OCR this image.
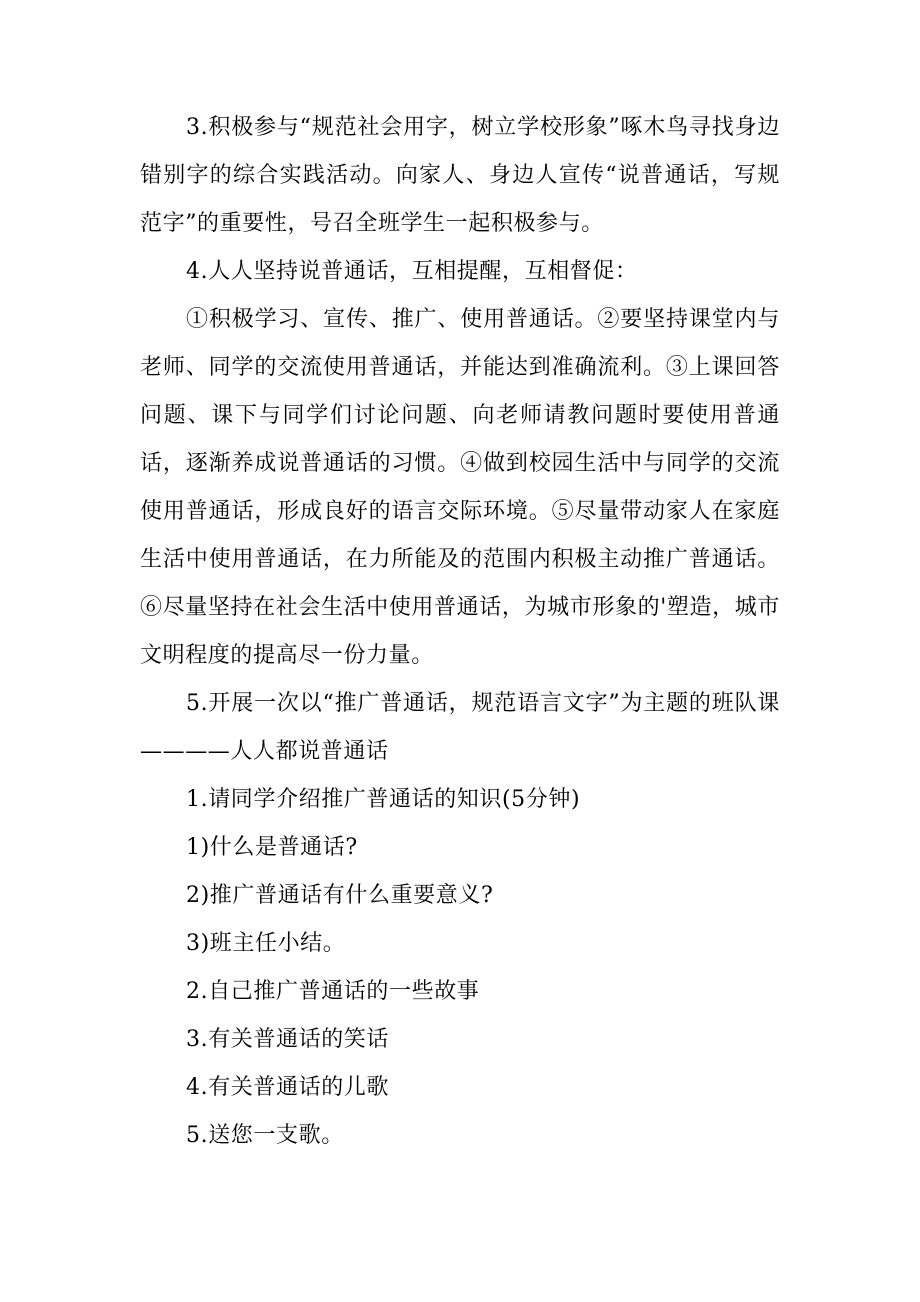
3.积极参与“规范社会用字，树立学校形象”啄木鸟寻找身边错别字的综合实践活动。向家人、身边人宣传“说普通话，写规范字”的重要性，号召全班学生一起积极参与。

4.人人坚持说普通话，互相提醒，互相督促：

①积极学习、宣传、推广、使用普通话。②要坚持课堂内与老师、同学的交流使用普通话，并能达到准确流利。③上课回答问题、课下与同学们讨论问题、向老师请教问题时要使用普通话，逐渐养成说普通话的习惯。④做到校园生活中与同学的交流使用普通话，形成良好的语言交际环境。⑤尽量带动家人在家庭生活中使用普通话，在力所能及的范围内积极主动推广普通话。⑥尽量坚持在社会生活中使用普通话，为城市形象的'塑造，城市文明程度的提高尽一份力量。

5.开展一次以“推广普通话，规范语言文字”为主题的班队课————人人都说普通话

1.请同学介绍推广普通话的知识(5分钟)

1)什么是普通话?

2)推广普通话有什么重要意义?

3)班主任小结。

2.自己推广普通话的一些故事

3.有关普通话的笑话

4.有关普通话的儿歌

5.送您一支歌。
